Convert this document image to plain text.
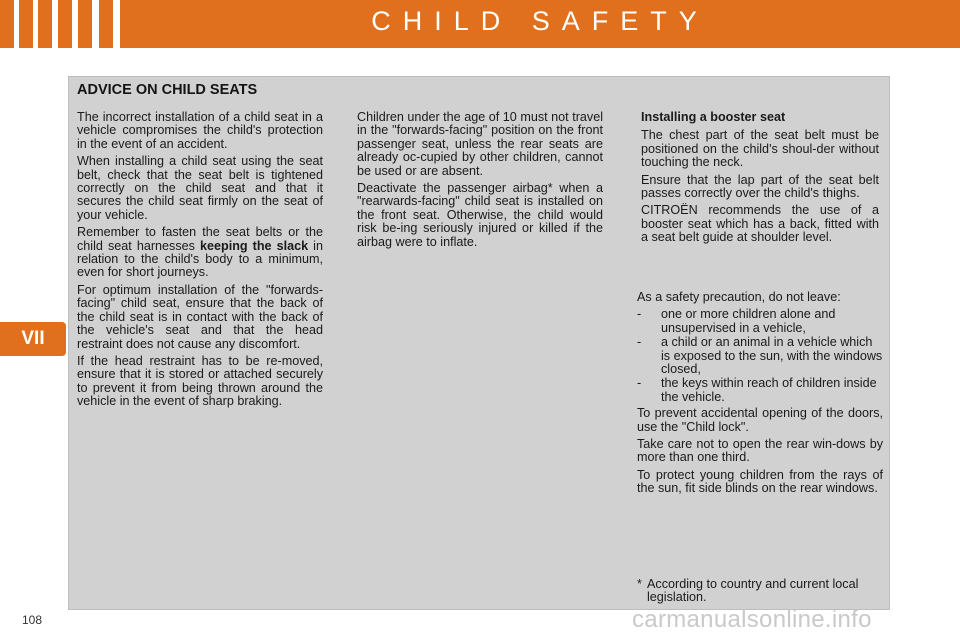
CHILD SAFETY
VII
ADVICE ON CHILD SEATS

The incorrect installation of a child seat in a vehicle compromises the child's protection in the event of an accident.

When installing a child seat using the seat belt, check that the seat belt is tightened correctly on the child seat and that it secures the child seat firmly on the seat of your vehicle.

Remember to fasten the seat belts or the child seat harnesses keeping the slack in relation to the child's body to a minimum, even for short journeys.

For optimum installation of the "forwards-facing" child seat, ensure that the back of the child seat is in contact with the back of the vehicle's seat and that the head restraint does not cause any discomfort.

If the head restraint has to be re-moved, ensure that it is stored or attached securely to prevent it from being thrown around the vehicle in the event of sharp braking.

Children under the age of 10 must not travel in the "forwards-facing" position on the front passenger seat, unless the rear seats are already oc-cupied by other children, cannot be used or are absent.

Deactivate the passenger airbag* when a "rearwards-facing" child seat is installed on the front seat. Otherwise, the child would risk be-ing seriously injured or killed if the airbag were to inflate.

Installing a booster seat

The chest part of the seat belt must be positioned on the child's shoul-der without touching the neck.

Ensure that the lap part of the seat belt passes correctly over the child's thighs.

CITROËN recommends the use of a booster seat which has a back, fitted with a seat belt guide at shoulder level.

As a safety precaution, do not leave:

- one or more children alone and unsupervised in a vehicle,
- a child or an animal in a vehicle which is exposed to the sun, with the windows closed,
- the keys within reach of children inside the vehicle.

To prevent accidental opening of the doors, use the "Child lock".

Take care not to open the rear win-dows by more than one third.

To protect young children from the rays of the sun, fit side blinds on the rear windows.

* According to country and current local legislation.
108	carmanualsonline.info
